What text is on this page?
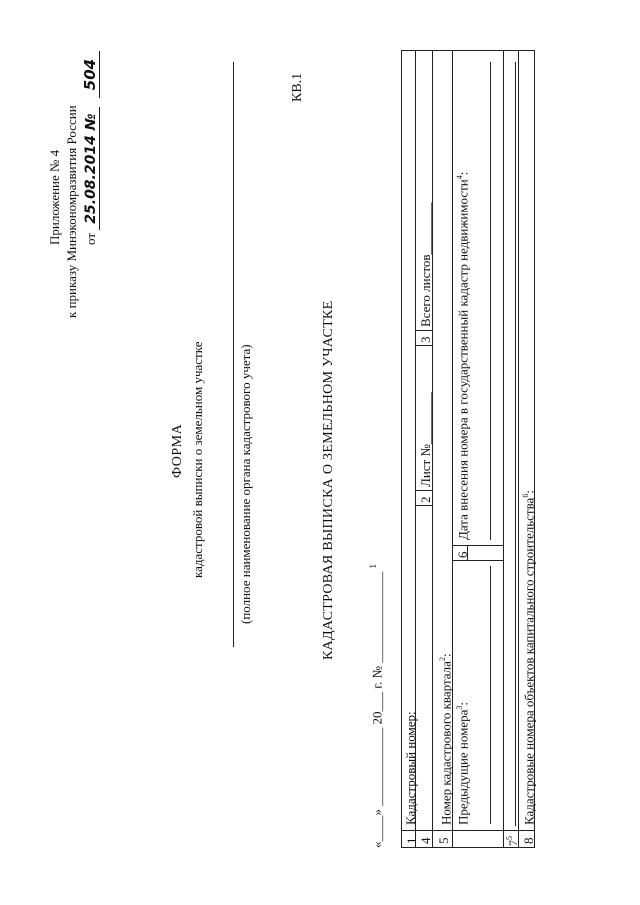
Приложение № 4 к приказу Минэкономразвития России от 25.08.2014 № 504
ФОРМА кадастровой выписки о земельном участке	(полное наименование органа кадастрового учета)
КВ.1
КАДАСТРОВАЯ ВЫПИСКА О ЗЕМЕЛЬНОМ УЧАСТКЕ
«____» ____________ 20___ г. № ______________ $^1$
1 4 5	$7^5$ 8
Кадастровый номер:
2
Лист №________
3
Всего листов________
Номер кадастрового квартала$^2$:
Предыдущие номера$^3$:
6
Дата внесения номера в государственный кадастр недвижимости$^4$:
Кадастровые номера объектов капитального строительства$^6$:
